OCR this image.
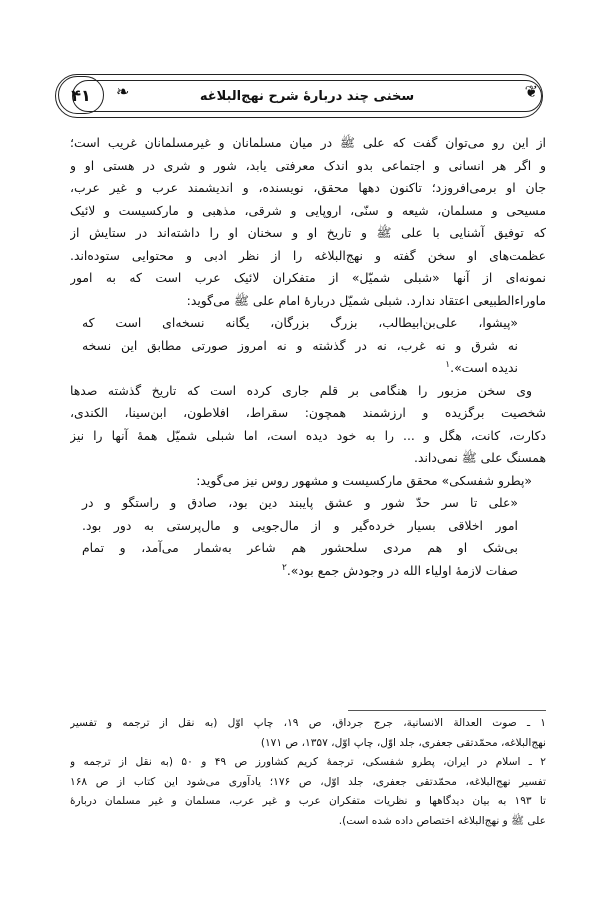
سخنی چند دربارۀ شرح نهج‌البلاغه	❦
❧
۴۱
از این رو می‌توان گفت که علی ﷺ در میان مسلمانان و غیرمسلمانان غریب است؛
و اگر هر انسانی و اجتماعی بدو اندک معرفتی یابد، شور و شری در هستی او و
جان او برمی‌افروزد؛ تاکنون دهها محقق، نویسنده، و اندیشمند عرب و غیر عرب،
مسیحی و مسلمان، شیعه و سنّی، اروپایی و شرقی، مذهبی و مارکسیست و لائیک
که توفیق آشنایی با علی ﷺ و تاریخ او و سخنان او را داشته‌اند در ستایش از
عظمت‌های او سخن گفته و نهج‌البلاغه را از نظر ادبی و محتوایی ستوده‌اند.
نمونه‌ای از آنها «شبلی شمیّل» از متفکران لائیک عرب است که به امور
ماوراءالطبیعی اعتقاد ندارد. شبلی شمیّل دربارۀ امام علی ﷺ می‌گوید:
«پیشوا، علی‌بن‌ابیطالب، بزرگ بزرگان، یگانه نسخه‌ای است که
نه شرق و نه غرب، نه در گذشته و نه امروز صورتی مطابق این نسخه
ندیده است».$^۱$
وی سخن مزبور را هنگامی بر قلم جاری کرده است که تاریخ گذشته صدها
شخصیت برگزیده و ارزشمند همچون: سقراط، افلاطون، ابن‌سینا، الکندی،
دکارت، کانت، هگل و ... را به خود دیده است، اما شبلی شمیّل همۀ آنها را نیز
همسنگ علی ﷺ نمی‌داند.
«پطرو شفسکی» محقق مارکسیست و مشهور روس نیز می‌گوید:
«علی تا سر حدّ شور و عشق پایبند دین بود، صادق و راستگو و در
امور اخلاقی بسیار خرده‌گیر و از مال‌جویی و مال‌پرستی به دور بود.
بی‌شک او هم مردی سلحشور هم شاعر به‌شمار می‌آمد، و تمام
صفات لازمۀ اولیاء الله در وجودش جمع بود».$^۲$
۱ ـ صوت العدالة الانسانية، جرج جرداق، ص ۱۹، چاپ اوّل (به نقل از ترجمه و تفسیر
نهج‌البلاغه، محمّدتقی جعفری، جلد اوّل، چاپ اوّل، ۱۳۵۷، ص ۱۷۱)
۲ ـ اسلام در ایران، پطرو شفسکی، ترجمۀ کریم کشاورز ص ۴۹ و ۵۰ (به نقل از ترجمه و
تفسیر نهج‌البلاغه، محمّدتقی جعفری، جلد اوّل، ص ۱۷۶؛ یادآوری می‌شود این کتاب از ص ۱۶۸
تا ۱۹۳ به بیان دیدگاهها و نظریات متفکران عرب و غیر عرب، مسلمان و غیر مسلمان دربارۀ
علی ﷺ و نهج‌البلاغه اختصاص داده شده است).
